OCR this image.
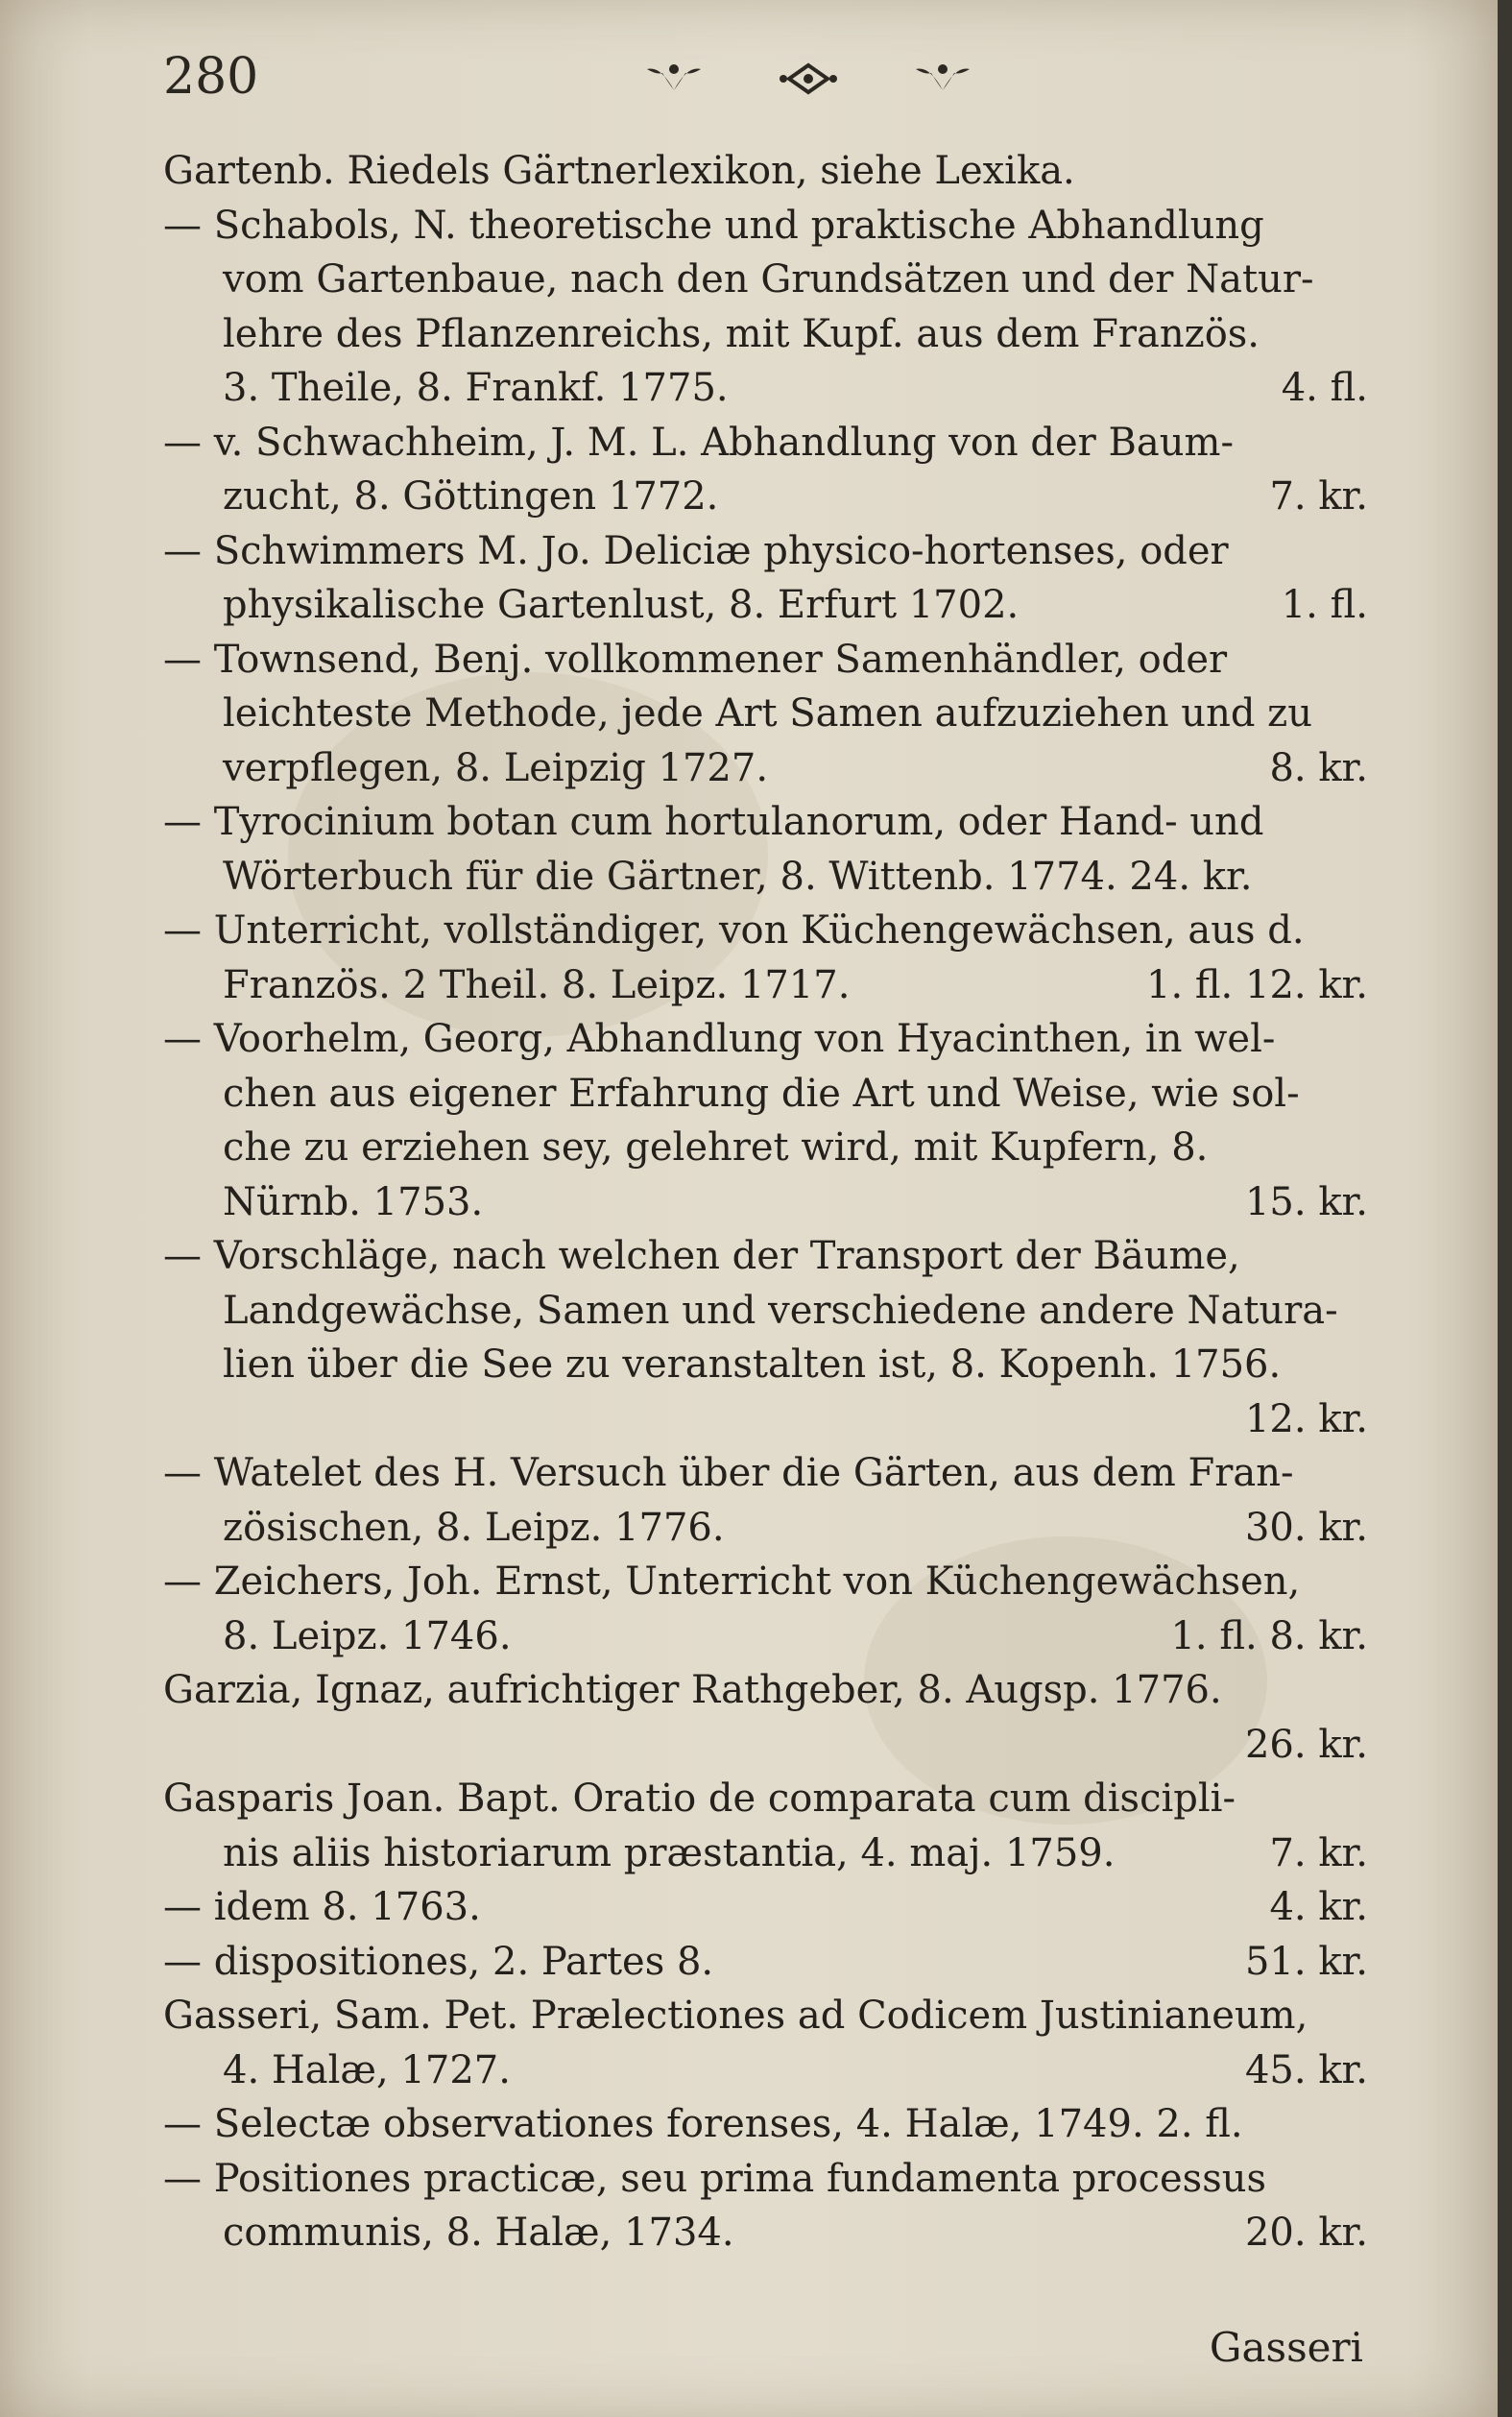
280
Gartenb. Riedels Gärtnerlexikon, siehe Lexika.
— Schabols, N. theoretische und praktische Abhandlung
vom Gartenbaue, nach den Grundsätzen und der Natur-
lehre des Pflanzenreichs, mit Kupf. aus dem Französ.
3. Theile, 8. Frankf. 1775.	4. fl.
— v. Schwachheim, J. M. L. Abhandlung von der Baum-
zucht, 8. Göttingen 1772.	7. kr.
— Schwimmers M. Jo. Deliciæ physico-hortenses, oder
physikalische Gartenlust, 8. Erfurt 1702.	1. fl.
— Townsend, Benj. vollkommener Samenhändler, oder
leichteste Methode, jede Art Samen aufzuziehen und zu
verpflegen, 8. Leipzig 1727.	8. kr.
— Tyrocinium botan cum hortulanorum, oder Hand- und
Wörterbuch für die Gärtner, 8. Wittenb. 1774. 24. kr.
— Unterricht, vollständiger, von Küchengewächsen, aus d.
Französ. 2 Theil. 8. Leipz. 1717.	1. fl. 12. kr.
— Voorhelm, Georg, Abhandlung von Hyacinthen, in wel-
chen aus eigener Erfahrung die Art und Weise, wie sol-
che zu erziehen sey, gelehret wird, mit Kupfern, 8.
Nürnb. 1753.	15. kr.
— Vorschläge, nach welchen der Transport der Bäume,
Landgewächse, Samen und verschiedene andere Natura-
lien über die See zu veranstalten ist, 8. Kopenh. 1756.
12. kr.
— Watelet des H. Versuch über die Gärten, aus dem Fran-
zösischen, 8. Leipz. 1776.	30. kr.
— Zeichers, Joh. Ernst, Unterricht von Küchengewächsen,
8. Leipz. 1746.	1. fl. 8. kr.
Garzia, Ignaz, aufrichtiger Rathgeber, 8. Augsp. 1776.
26. kr.
Gasparis Joan. Bapt. Oratio de comparata cum discipli-
nis aliis historiarum præstantia, 4. maj. 1759.	7. kr.
— idem 8. 1763.	4. kr.
— dispositiones, 2. Partes 8.	51. kr.
Gasseri, Sam. Pet. Prælectiones ad Codicem Justinianeum,
4. Halæ, 1727.	45. kr.
— Selectæ observationes forenses, 4. Halæ, 1749. 2. fl.
— Positiones practicæ, seu prima fundamenta processus
communis, 8. Halæ, 1734.	20. kr.
Gasseri
